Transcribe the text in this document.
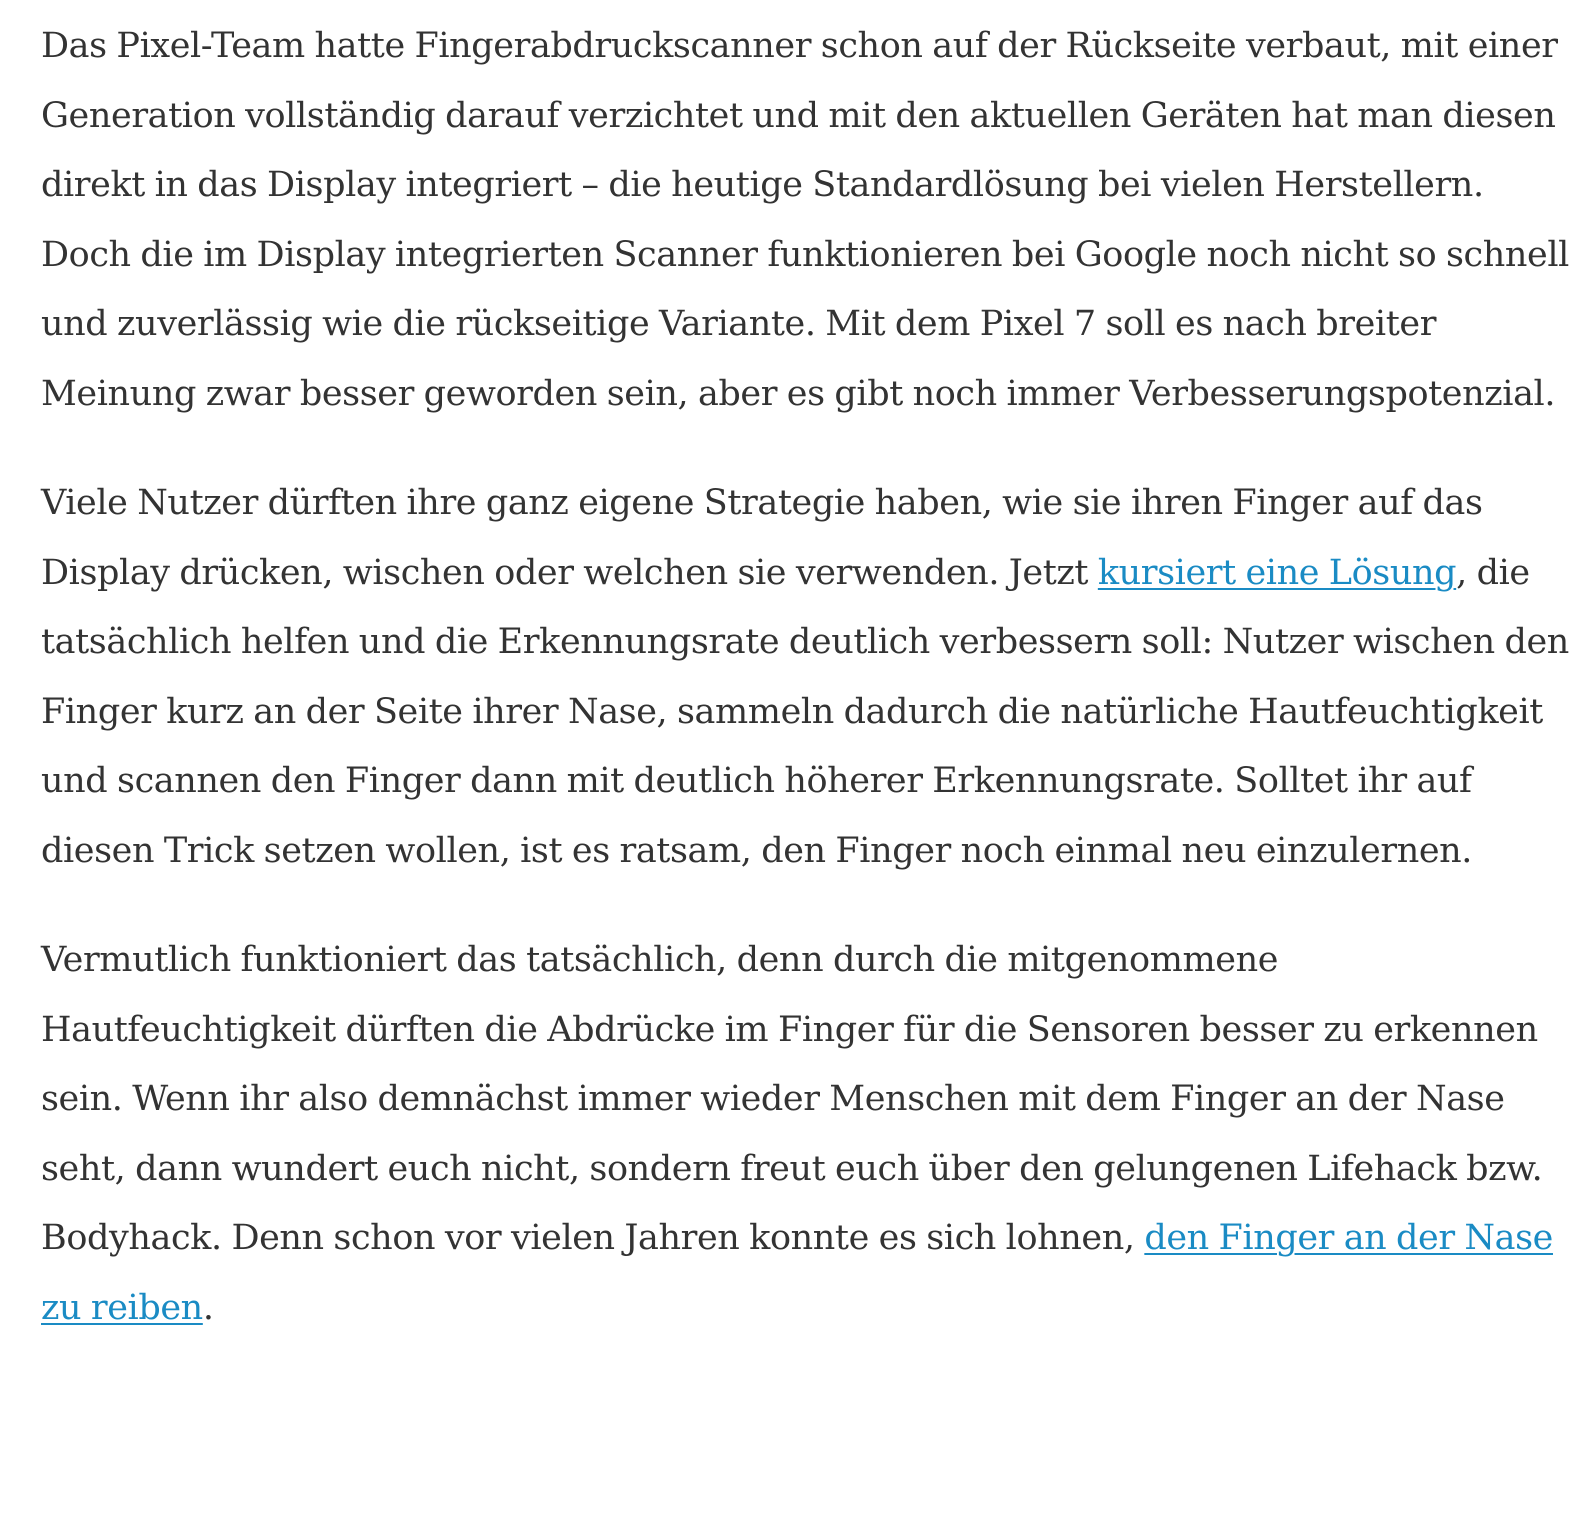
Das Pixel-Team hatte Fingerabdruckscanner schon auf der Rückseite verbaut, mit einer Generation vollständig darauf verzichtet und mit den aktuellen Geräten hat man diesen direkt in das Display integriert – die heutige Standardlösung bei vielen Herstellern. Doch die im Display integrierten Scanner funktionieren bei Google noch nicht so schnell und zuverlässig wie die rückseitige Variante. Mit dem Pixel 7 soll es nach breiter Meinung zwar besser geworden sein, aber es gibt noch immer Verbesserungspotenzial.

Viele Nutzer dürften ihre ganz eigene Strategie haben, wie sie ihren Finger auf das Display drücken, wischen oder welchen sie verwenden. Jetzt kursiert eine Lösung, die tatsächlich helfen und die Erkennungsrate deutlich verbessern soll: Nutzer wischen den Finger kurz an der Seite ihrer Nase, sammeln dadurch die natürliche Hautfeuchtigkeit und scannen den Finger dann mit deutlich höherer Erkennungsrate. Solltet ihr auf diesen Trick setzen wollen, ist es ratsam, den Finger noch einmal neu einzulernen.

Vermutlich funktioniert das tatsächlich, denn durch die mitgenommene Hautfeuchtigkeit dürften die Abdrücke im Finger für die Sensoren besser zu erkennen sein. Wenn ihr also demnächst immer wieder Menschen mit dem Finger an der Nase seht, dann wundert euch nicht, sondern freut euch über den gelungenen Lifehack bzw. Bodyhack. Denn schon vor vielen Jahren konnte es sich lohnen, den Finger an der Nase zu reiben.
